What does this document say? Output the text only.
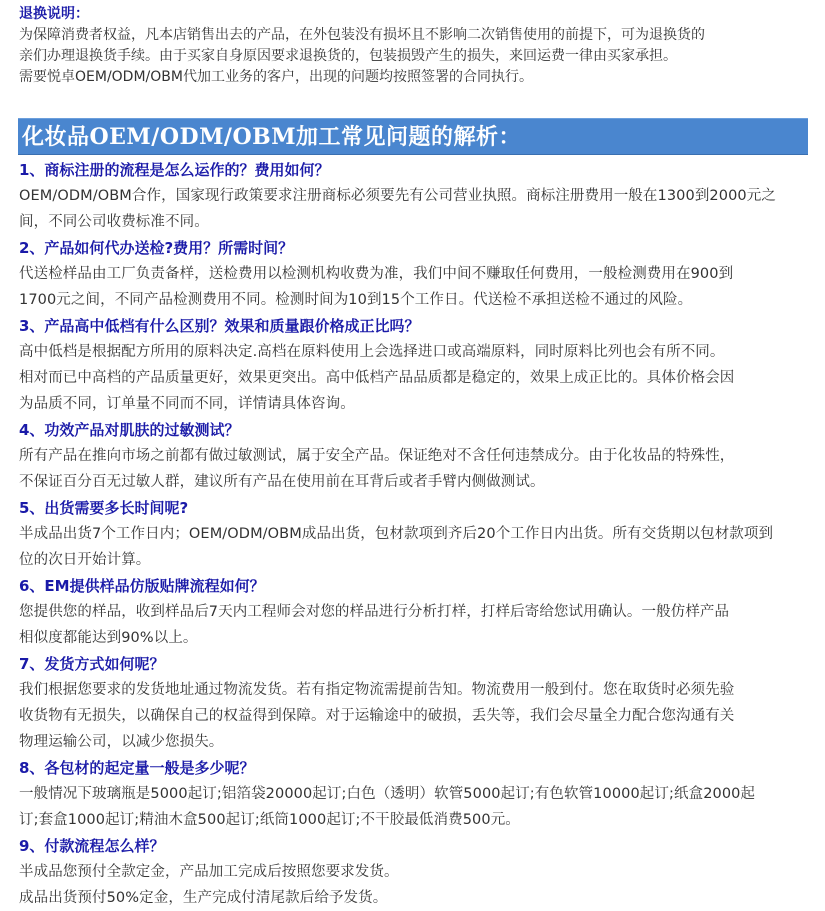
退换说明：
为保障消费者权益，凡本店销售出去的产品，在外包装没有损坏且不影响二次销售使用的前提下，可为退换货的
亲们办理退换货手续。由于买家自身原因要求退换货的，包装损毁产生的损失，来回运费一律由买家承担。
需要悦卓OEM/ODM/OBM代加工业务的客户，出现的问题均按照签署的合同执行。
化妆品OEM/ODM/OBM加工常见问题的解析：
1、商标注册的流程是怎么运作的？费用如何？
OEM/ODM/OBM合作，国家现行政策要求注册商标必须要先有公司营业执照。商标注册费用一般在1300到2000元之
间，不同公司收费标准不同。
2、产品如何代办送检?费用？所需时间？
代送检样品由工厂负责备样，送检费用以检测机构收费为准，我们中间不赚取任何费用，一般检测费用在900到
1700元之间，不同产品检测费用不同。检测时间为10到15个工作日。代送检不承担送检不通过的风险。
3、产品高中低档有什么区别？效果和质量跟价格成正比吗？
高中低档是根据配方所用的原料决定.高档在原料使用上会选择进口或高端原料，同时原料比列也会有所不同。
相对而已中高档的产品质量更好，效果更突出。高中低档产品品质都是稳定的，效果上成正比的。具体价格会因
为品质不同，订单量不同而不同，详情请具体咨询。
4、功效产品对肌肤的过敏测试？
所有产品在推向市场之前都有做过敏测试，属于安全产品。保证绝对不含任何违禁成分。由于化妆品的特殊性，
不保证百分百无过敏人群，建议所有产品在使用前在耳背后或者手臂内侧做测试。
5、出货需要多长时间呢?
半成品出货7个工作日内；OEM/ODM/OBM成品出货，包材款项到齐后20个工作日内出货。所有交货期以包材款项到
位的次日开始计算。
6、EM提供样品仿版贴牌流程如何？
您提供您的样品，收到样品后7天内工程师会对您的样品进行分析打样，打样后寄给您试用确认。一般仿样产品
相似度都能达到90%以上。
7、发货方式如何呢？
我们根据您要求的发货地址通过物流发货。若有指定物流需提前告知。物流费用一般到付。您在取货时必须先验
收货物有无损失，以确保自己的权益得到保障。对于运输途中的破损，丢失等，我们会尽量全力配合您沟通有关
物理运输公司，以减少您损失。
8、各包材的起定量一般是多少呢？
一般情况下玻璃瓶是5000起订;铝箔袋20000起订;白色（透明）软管5000起订;有色软管10000起订;纸盒2000起
订;套盒1000起订;精油木盒500起订;纸筒1000起订;不干胶最低消费500元。
9、付款流程怎么样？
半成品您预付全款定金，产品加工完成后按照您要求发货。
成品出货预付50%定金，生产完成付清尾款后给予发货。
